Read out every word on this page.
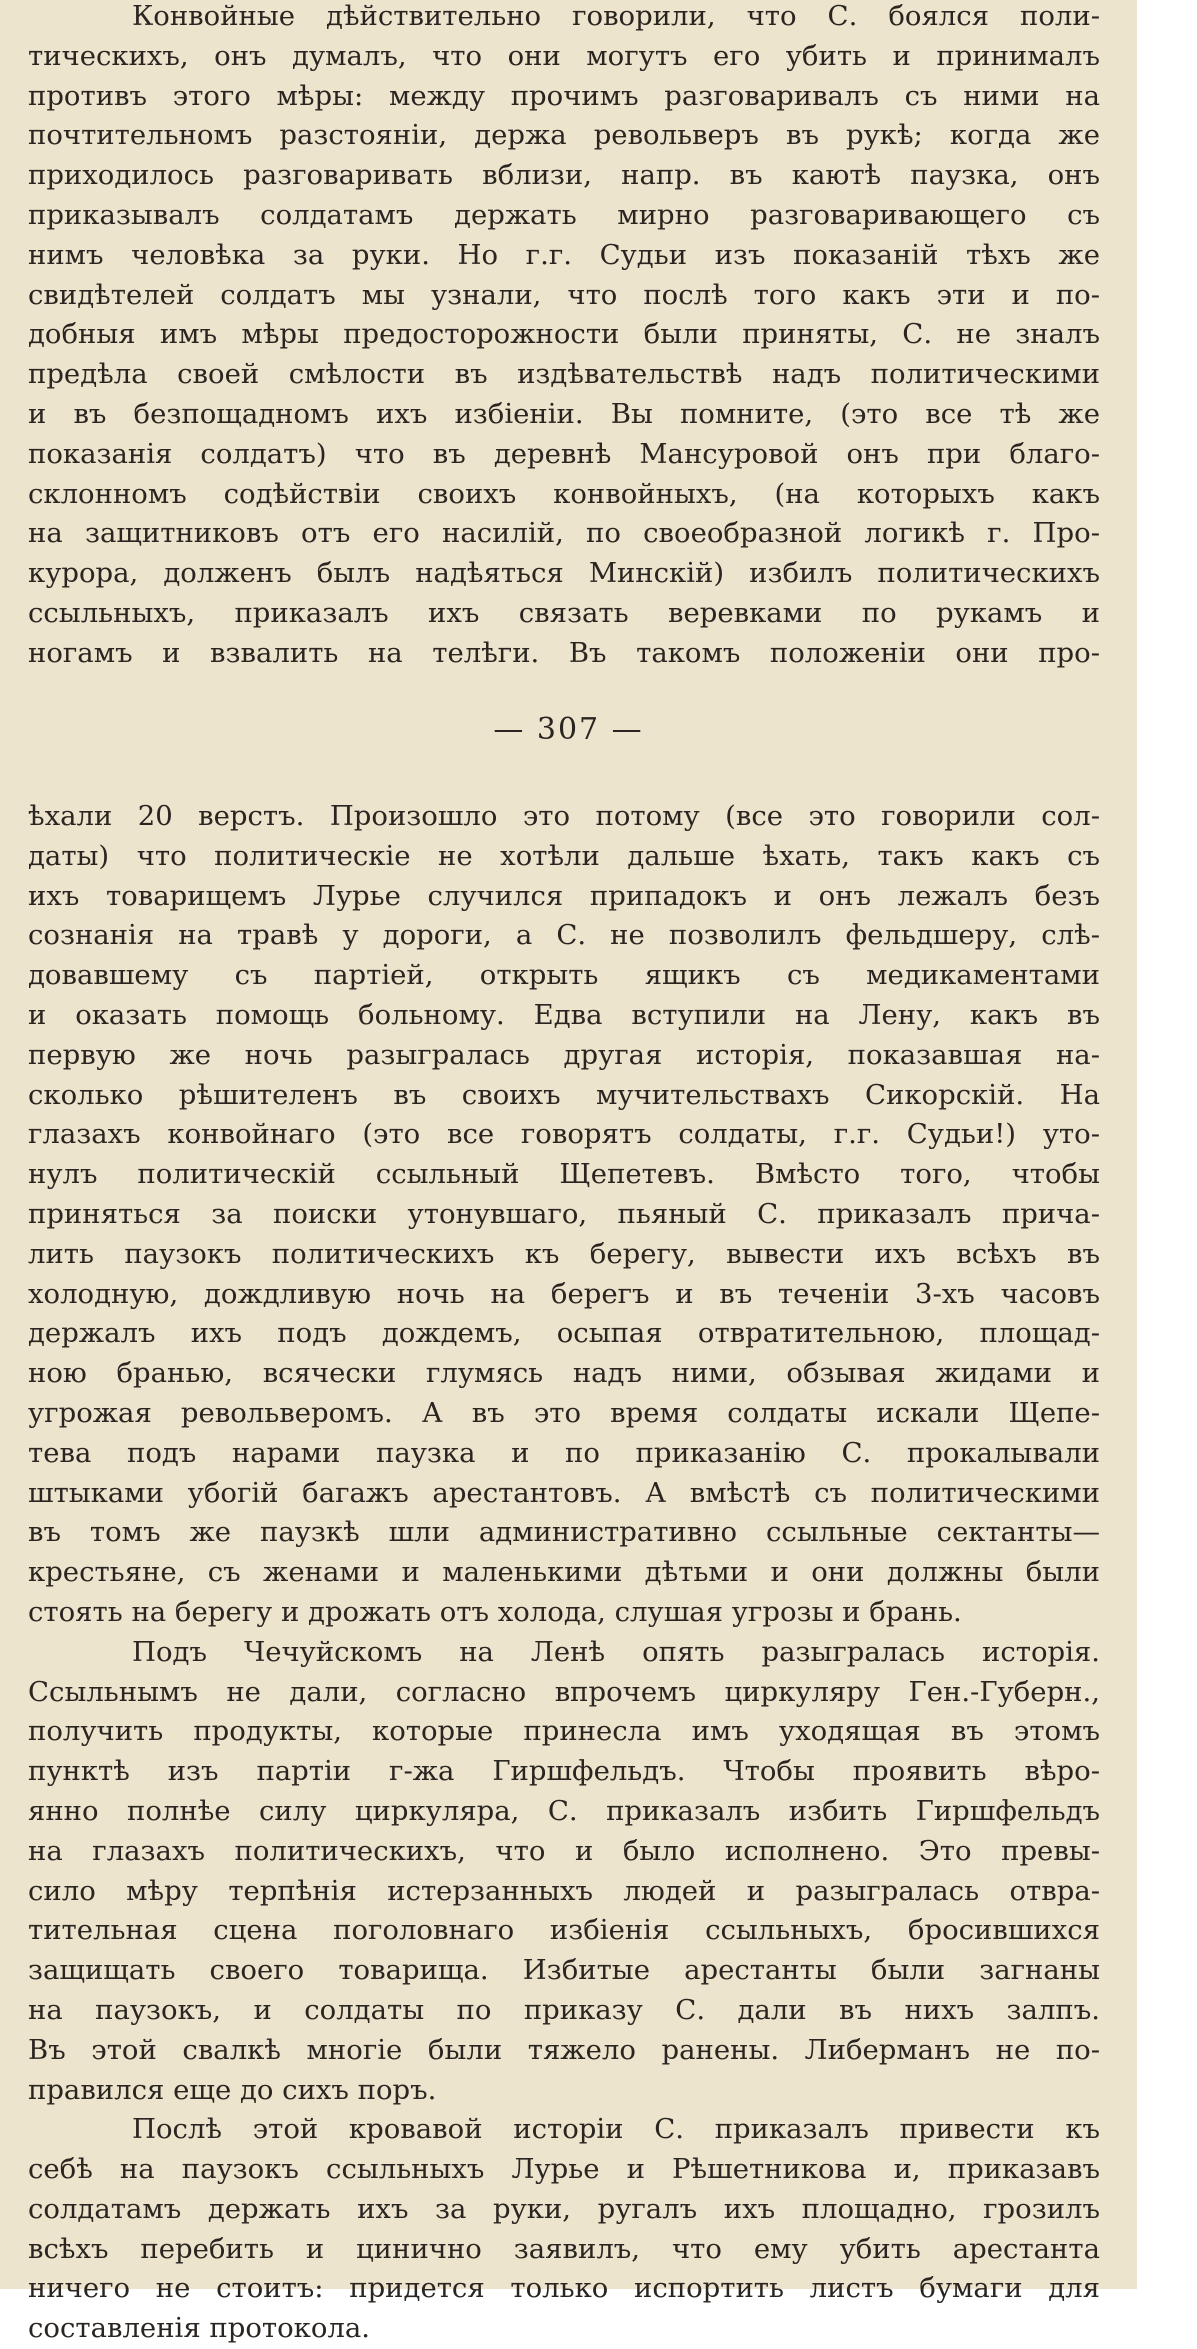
Конвойные дѣйствительно говорили, что С. боялся поли-
тическихъ, онъ думалъ, что они могутъ его убить и принималъ
противъ этого мѣры: между прочимъ разговаривалъ съ ними на
почтительномъ разстояніи, держа револьверъ въ рукѣ; когда же
приходилось разговаривать вблизи, напр. въ каютѣ паузка, онъ
приказывалъ солдатамъ держать мирно разговаривающего съ
нимъ человѣка за руки. Но г.г. Судьи изъ показаній тѣхъ же
свидѣтелей солдатъ мы узнали, что послѣ того какъ эти и по-
добныя имъ мѣры предосторожности были приняты, С. не зналъ
предѣла своей смѣлости въ издѣвательствѣ надъ политическими
и въ безпощадномъ ихъ избіеніи. Вы помните, (это все тѣ же
показанія солдатъ) что въ деревнѣ Мансуровой онъ при благо-
склонномъ содѣйствіи своихъ конвойныхъ, (на которыхъ какъ
на защитниковъ отъ его насилій, по своеобразной логикѣ г. Про-
курора, долженъ былъ надѣяться Минскій) избилъ политическихъ
ссыльныхъ, приказалъ ихъ связать веревками по рукамъ и
ногамъ и взвалить на телѣги. Въ такомъ положеніи они про-
— 307 —
ѣхали 20 верстъ. Произошло это потому (все это говорили сол-
даты) что политическіе не хотѣли дальше ѣхать, такъ какъ съ
ихъ товарищемъ Лурье случился припадокъ и онъ лежалъ безъ
сознанія на травѣ у дороги, а С. не позволилъ фельдшеру, слѣ-
довавшему съ партіей, открыть ящикъ съ медикаментами
и оказать помощь больному. Едва вступили на Лену, какъ въ
первую же ночь разыгралась другая исторія, показавшая на-
сколько рѣшителенъ въ своихъ мучительствахъ Сикорскій. На
глазахъ конвойнаго (это все говорятъ солдаты, г.г. Судьи!) уто-
нулъ политическій ссыльный Щепетевъ. Вмѣсто того, чтобы
приняться за поиски утонувшаго, пьяный С. приказалъ прича-
лить паузокъ политическихъ къ берегу, вывести ихъ всѣхъ въ
холодную, дождливую ночь на берегъ и въ теченіи 3-хъ часовъ
держалъ ихъ подъ дождемъ, осыпая отвратительною, площад-
ною бранью, всячески глумясь надъ ними, обзывая жидами и
угрожая револьверомъ. А въ это время солдаты искали Щепе-
тева подъ нарами паузка и по приказанію С. прокалывали
штыками убогій багажъ арестантовъ. А вмѣстѣ съ политическими
въ томъ же паузкѣ шли административно ссыльные сектанты—
крестьяне, съ женами и маленькими дѣтьми и они должны были
стоять на берегу и дрожать отъ холода, слушая угрозы и брань.
Подъ Чечуйскомъ на Ленѣ опять разыгралась исторія.
Ссыльнымъ не дали, согласно впрочемъ циркуляру Ген.-Губерн.,
получить продукты, которые принесла имъ уходящая въ этомъ
пунктѣ изъ партіи г-жа Гиршфельдъ. Чтобы проявить вѣро-
янно полнѣе силу циркуляра, С. приказалъ избить Гиршфельдъ
на глазахъ политическихъ, что и было исполнено. Это превы-
сило мѣру терпѣнія истерзанныхъ людей и разыгралась отвра-
тительная сцена поголовнаго избіенія ссыльныхъ, бросившихся
защищать своего товарища. Избитые арестанты были загнаны
на паузокъ, и солдаты по приказу С. дали въ нихъ залпъ.
Въ этой свалкѣ многіе были тяжело ранены. Либерманъ не по-
правился еще до сихъ поръ.
Послѣ этой кровавой исторіи С. приказалъ привести къ
себѣ на паузокъ ссыльныхъ Лурье и Рѣшетникова и, приказавъ
солдатамъ держать ихъ за руки, ругалъ ихъ площадно, грозилъ
всѣхъ перебить и цинично заявилъ, что ему убить арестанта
ничего не стоитъ: придется только испортить листъ бумаги для
составленія протокола.
